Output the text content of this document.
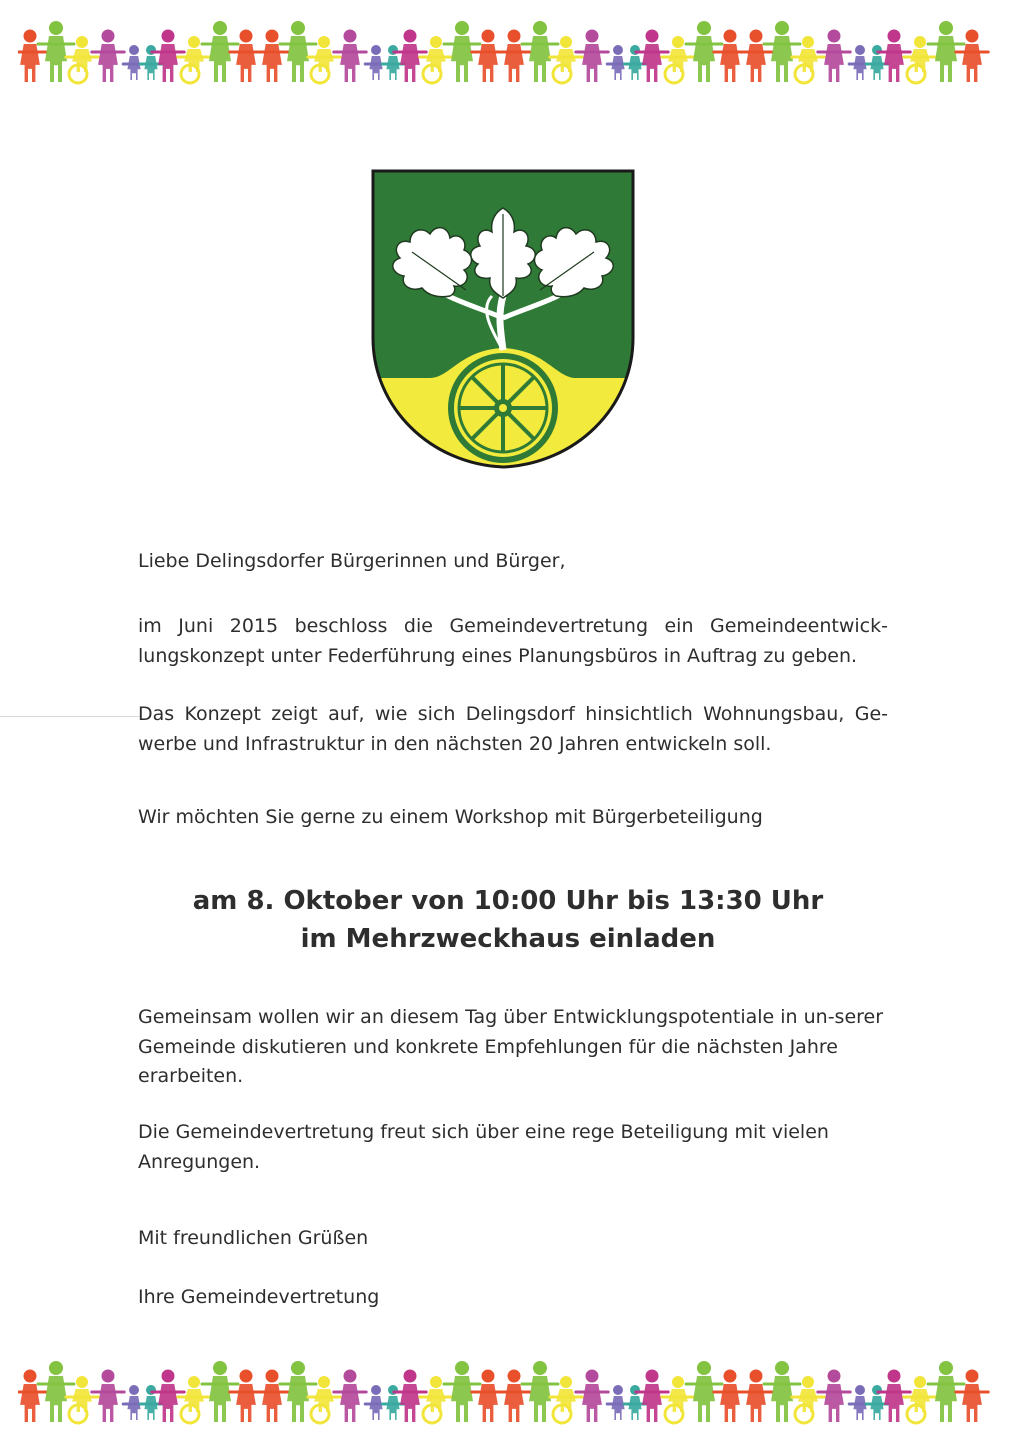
Liebe Delingsdorfer Bürgerinnen und Bürger,

im Juni 2015 beschloss die Gemeindevertretung ein Gemeindeentwick-lungskonzept unter Federführung eines Planungsbüros in Auftrag zu geben.

Das Konzept zeigt auf, wie sich Delingsdorf hinsichtlich Wohnungsbau, Ge-werbe und Infrastruktur in den nächsten 20 Jahren entwickeln soll.

Wir möchten Sie gerne zu einem Workshop mit Bürgerbeteiligung

am 8. Oktober von 10:00 Uhr bis 13:30 Uhr
im Mehrzweckhaus einladen

Gemeinsam wollen wir an diesem Tag über Entwicklungspotentiale in un-serer Gemeinde diskutieren und konkrete Empfehlungen für die nächsten Jahre erarbeiten.

Die Gemeindevertretung freut sich über eine rege Beteiligung mit vielen Anregungen.

Mit freundlichen Grüßen

Ihre Gemeindevertretung
